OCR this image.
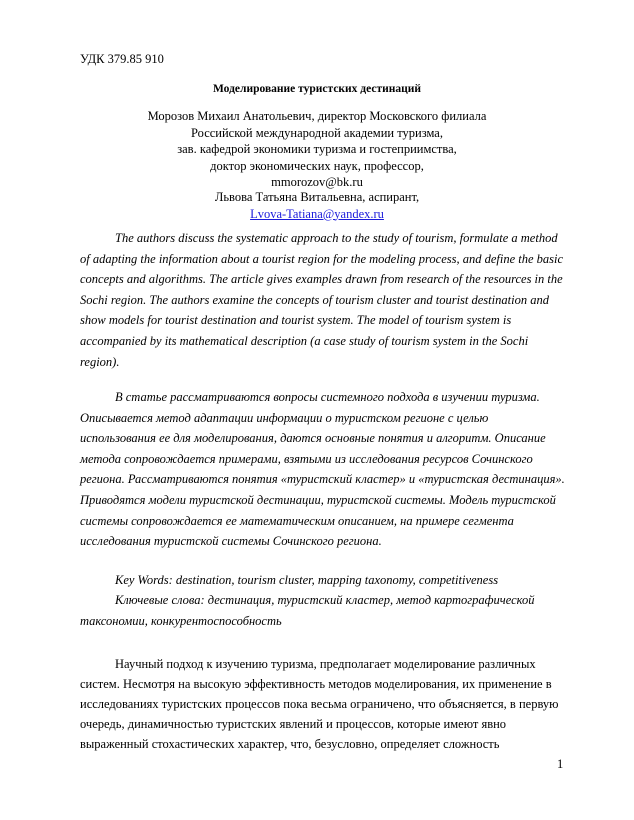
УДК 379.85 910
Моделирование туристских дестинаций
Морозов Михаил Анатольевич, директор Московского филиала
Российской международной академии туризма,
зав. кафедрой экономики туризма и гостеприимства,
доктор экономических наук, профессор,
mmorozov@bk.ru
Львова Татьяна Витальевна, аспирант,
Lvova-Tatiana@yandex.ru
The authors discuss the systematic approach to the study of tourism, formulate a method
of adapting the information about a tourist region for the modeling process, and define the basic
concepts and algorithms. The article gives examples drawn from research of the resources in the
Sochi region. The authors examine the concepts of tourism cluster and tourist destination and
show models for tourist destination and tourist system. The model of tourism system is
accompanied by its mathematical description (a case study of tourism system in the Sochi
region).
В статье рассматриваются вопросы системного подхода в изучении туризма.
Описывается метод адаптации информации о туристском регионе с целью
использования ее для моделирования, даются основные понятия и алгоритм. Описание
метода сопровождается примерами, взятыми из исследования ресурсов Сочинского
региона. Рассматриваются понятия «туристский кластер» и «туристская дестинация».
Приводятся модели туристской дестинации, туристской системы. Модель туристской
системы сопровождается ее математическим описанием, на примере сегмента
исследования туристской системы Сочинского региона.
Key Words: destination, tourism cluster, mapping taxonomy, competitiveness
Ключевые слова: дестинация, туристский кластер, метод картографической
таксономии, конкурентоспособность
Научный подход к изучению туризма, предполагает моделирование различных
систем. Несмотря на высокую эффективность методов моделирования, их применение в
исследованиях туристских процессов пока весьма ограничено, что объясняется, в первую
очередь, динамичностью туристских явлений и процессов, которые имеют явно
выраженный стохастических характер, что, безусловно, определяет сложность
1
